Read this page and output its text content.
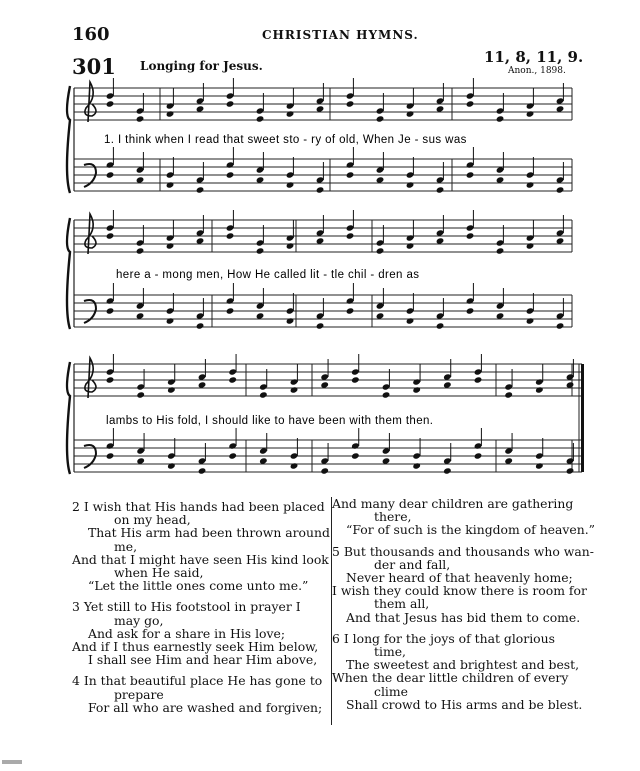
160	CHRISTIAN HYMNS.
301 Longing for Jesus.	11, 8, 11, 9.
Anon., 1898.
1. I think when I read that sweet sto - ry of old, When Je - sus was
here a - mong men, How He called lit - tle chil - dren as
lambs to His fold, I should like to have been with them then.

2 I wish that His hands had been placed

on my head,

That His arm had been thrown around

me,

And that I might have seen His kind look

when He said,

“Let the little ones come unto me.”

3 Yet still to His footstool in prayer I

may go,

And ask for a share in His love;

And if I thus earnestly seek Him below,

I shall see Him and hear Him above,

4 In that beautiful place He has gone to

prepare

For all who are washed and forgiven;

And many dear children are gathering

there,

“For of such is the kingdom of heaven.”

5 But thousands and thousands who wan-

der and fall,

Never heard of that heavenly home;

I wish they could know there is room for

them all,

And that Jesus has bid them to come.

6 I long for the joys of that glorious

time,

The sweetest and brightest and best,

When the dear little children of every

clime

Shall crowd to His arms and be blest.
